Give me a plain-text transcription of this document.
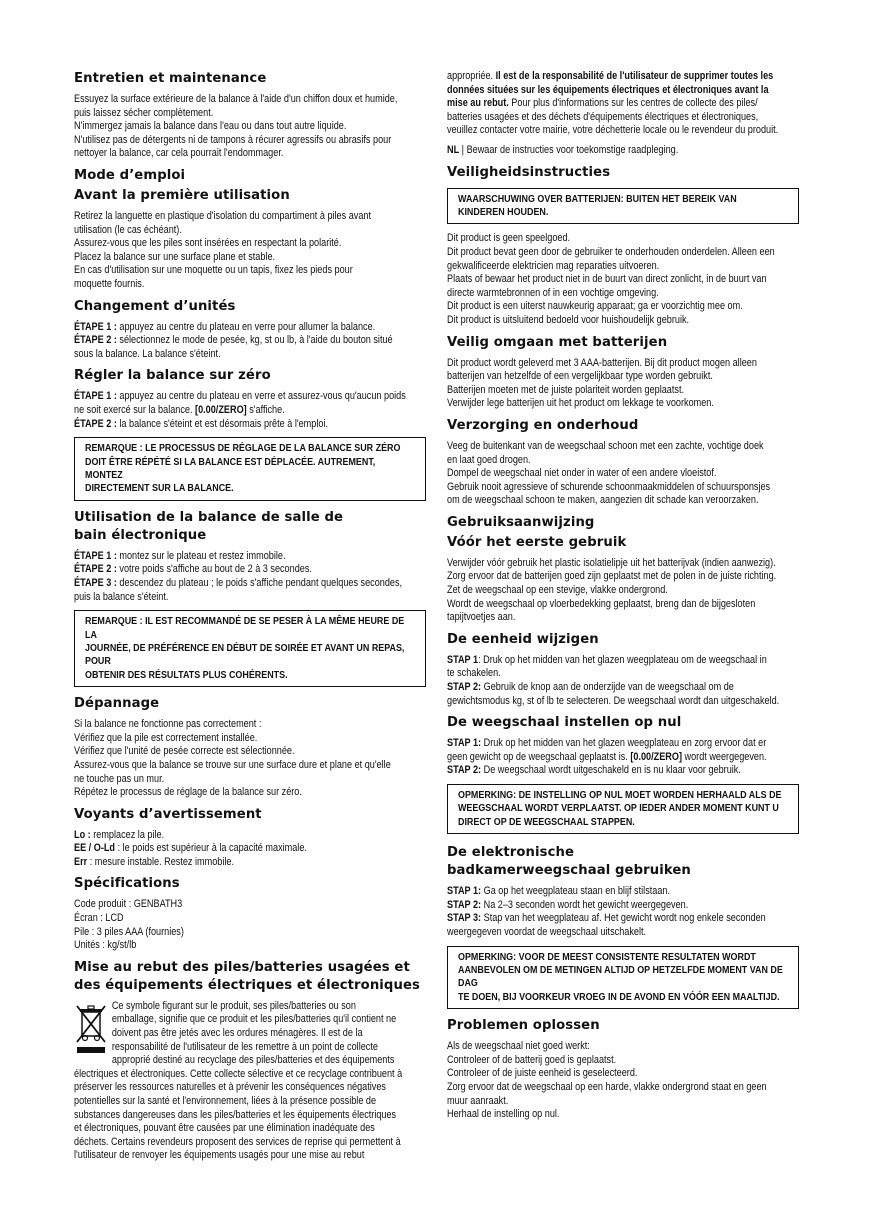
Entretien et maintenance

Essuyez la surface extérieure de la balance à l'aide d'un chiffon doux et humide,
puis laissez sécher complètement.
N'immergez jamais la balance dans l'eau ou dans tout autre liquide.
N'utilisez pas de détergents ni de tampons à récurer agressifs ou abrasifs pour
nettoyer la balance, car cela pourrait l'endommager.

Mode d’emploi
Avant la première utilisation

Retirez la languette en plastique d'isolation du compartiment à piles avant
utilisation (le cas échéant).
Assurez-vous que les piles sont insérées en respectant la polarité.
Placez la balance sur une surface plane et stable.
En cas d'utilisation sur une moquette ou un tapis, fixez les pieds pour
moquette fournis.

Changement d’unités

ÉTAPE 1 : appuyez au centre du plateau en verre pour allumer la balance.
ÉTAPE 2 : sélectionnez le mode de pesée, kg, st ou lb, à l'aide du bouton situé
sous la balance. La balance s'éteint.

Régler la balance sur zéro

ÉTAPE 1 : appuyez au centre du plateau en verre et assurez-vous qu'aucun poids
ne soit exercé sur la balance. [0.00/ZERO] s'affiche.
ÉTAPE 2 : la balance s'éteint et est désormais prête à l'emploi.

REMARQUE : LE PROCESSUS DE RÉGLAGE DE LA BALANCE SUR ZÉRO
DOIT ÊTRE RÉPÉTÉ SI LA BALANCE EST DÉPLACÉE. AUTREMENT, MONTEZ
DIRECTEMENT SUR LA BALANCE.

Utilisation de la balance de salle de
bain électronique

ÉTAPE 1 : montez sur le plateau et restez immobile.
ÉTAPE 2 : votre poids s'affiche au bout de 2 à 3 secondes.
ÉTAPE 3 : descendez du plateau ; le poids s'affiche pendant quelques secondes,
puis la balance s'éteint.

REMARQUE : IL EST RECOMMANDÉ DE SE PESER À LA MÊME HEURE DE LA
JOURNÉE, DE PRÉFÉRENCE EN DÉBUT DE SOIRÉE ET AVANT UN REPAS, POUR
OBTENIR DES RÉSULTATS PLUS COHÉRENTS.

Dépannage

Si la balance ne fonctionne pas correctement :
Vérifiez que la pile est correctement installée.
Vérifiez que l'unité de pesée correcte est sélectionnée.
Assurez-vous que la balance se trouve sur une surface dure et plane et qu'elle
ne touche pas un mur.
Répétez le processus de réglage de la balance sur zéro.

Voyants d’avertissement

Lo : remplacez la pile.
EE / O-Ld : le poids est supérieur à la capacité maximale.
Err : mesure instable. Restez immobile.

Spécifications

Code produit : GENBATH3
Écran : LCD
Pile : 3 piles AAA (fournies)
Unités : kg/st/lb

Mise au rebut des piles/batteries usagées et
des équipements électriques et électroniques

Ce symbole figurant sur le produit, ses piles/batteries ou son
emballage, signifie que ce produit et les piles/batteries qu'il contient ne
doivent pas être jetés avec les ordures ménagères. Il est de la
responsabilité de l'utilisateur de les remettre à un point de collecte
approprié destiné au recyclage des piles/batteries et des équipements

électriques et électroniques. Cette collecte sélective et ce recyclage contribuent à
préserver les ressources naturelles et à prévenir les conséquences négatives
potentielles sur la santé et l'environnement, liées à la présence possible de
substances dangereuses dans les piles/batteries et les équipements électriques
et électroniques, pouvant être causées par une élimination inadéquate des
déchets. Certains revendeurs proposent des services de reprise qui permettent à
l'utilisateur de renvoyer les équipements usagés pour une mise au rebut

appropriée. Il est de la responsabilité de l'utilisateur de supprimer toutes les
données situées sur les équipements électriques et électroniques avant la
mise au rebut. Pour plus d'informations sur les centres de collecte des piles/
batteries usagées et des déchets d'équipements électriques et électroniques,
veuillez contacter votre mairie, votre déchetterie locale ou le revendeur du produit.

NL | Bewaar de instructies voor toekomstige raadpleging.

Veiligheidsinstructies

WAARSCHUWING OVER BATTERIJEN: BUITEN HET BEREIK VAN
KINDEREN HOUDEN.

Dit product is geen speelgoed.
Dit product bevat geen door de gebruiker te onderhouden onderdelen. Alleen een
gekwalificeerde elektricien mag reparaties uitvoeren.
Plaats of bewaar het product niet in de buurt van direct zonlicht, in de buurt van
directe warmtebronnen of in een vochtige omgeving.
Dit product is een uiterst nauwkeurig apparaat; ga er voorzichtig mee om.
Dit product is uitsluitend bedoeld voor huishoudelijk gebruik.

Veilig omgaan met batterijen

Dit product wordt geleverd met 3 AAA-batterijen. Bij dit product mogen alleen
batterijen van hetzelfde of een vergelijkbaar type worden gebruikt.
Batterijen moeten met de juiste polariteit worden geplaatst.
Verwijder lege batterijen uit het product om lekkage te voorkomen.

Verzorging en onderhoud

Veeg de buitenkant van de weegschaal schoon met een zachte, vochtige doek
en laat goed drogen.
Dompel de weegschaal niet onder in water of een andere vloeistof.
Gebruik nooit agressieve of schurende schoonmaakmiddelen of schuursponsjes
om de weegschaal schoon te maken, aangezien dit schade kan veroorzaken.

Gebruiksaanwijzing
Vóór het eerste gebruik

Verwijder vóór gebruik het plastic isolatielipje uit het batterijvak (indien aanwezig).
Zorg ervoor dat de batterijen goed zijn geplaatst met de polen in de juiste richting.
Zet de weegschaal op een stevige, vlakke ondergrond.
Wordt de weegschaal op vloerbedekking geplaatst, breng dan de bijgesloten
tapijtvoetjes aan.

De eenheid wijzigen

STAP 1: Druk op het midden van het glazen weegplateau om de weegschaal in
te schakelen.
STAP 2: Gebruik de knop aan de onderzijde van de weegschaal om de
gewichtsmodus kg, st of lb te selecteren. De weegschaal wordt dan uitgeschakeld.

De weegschaal instellen op nul

STAP 1: Druk op het midden van het glazen weegplateau en zorg ervoor dat er
geen gewicht op de weegschaal geplaatst is. [0.00/ZERO] wordt weergegeven.
STAP 2: De weegschaal wordt uitgeschakeld en is nu klaar voor gebruik.

OPMERKING: DE INSTELLING OP NUL MOET WORDEN HERHAALD ALS DE
WEEGSCHAAL WORDT VERPLAATST. OP IEDER ANDER MOMENT KUNT U
DIRECT OP DE WEEGSCHAAL STAPPEN.

De elektronische
badkamerweegschaal gebruiken

STAP 1: Ga op het weegplateau staan en blijf stilstaan.
STAP 2: Na 2–3 seconden wordt het gewicht weergegeven.
STAP 3: Stap van het weegplateau af. Het gewicht wordt nog enkele seconden
weergegeven voordat de weegschaal uitschakelt.

OPMERKING: VOOR DE MEEST CONSISTENTE RESULTATEN WORDT
AANBEVOLEN OM DE METINGEN ALTIJD OP HETZELFDE MOMENT VAN DE DAG
TE DOEN, BIJ VOORKEUR VROEG IN DE AVOND EN VÓÓR EEN MAALTIJD.

Problemen oplossen

Als de weegschaal niet goed werkt:
Controleer of de batterij goed is geplaatst.
Controleer of de juiste eenheid is geselecteerd.
Zorg ervoor dat de weegschaal op een harde, vlakke ondergrond staat en geen
muur aanraakt.
Herhaal de instelling op nul.
